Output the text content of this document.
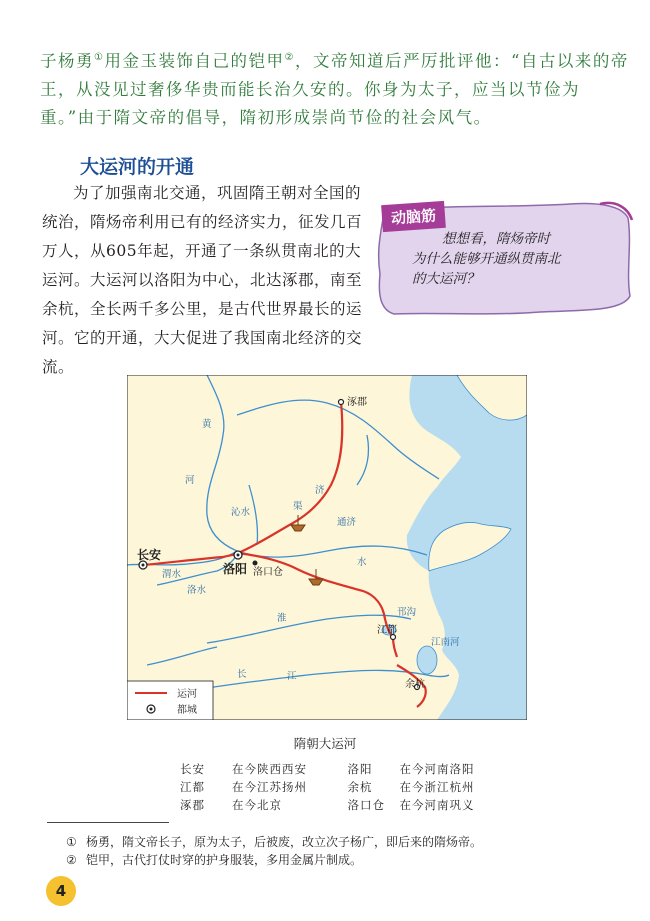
子杨勇①用金玉装饰自己的铠甲②，文帝知道后严厉批评他：“自古以来的帝王，从没见过奢侈华贵而能长治久安的。你身为太子，应当以节俭为重。”由于隋文帝的倡导，隋初形成崇尚节俭的社会风气。
大运河的开通
为了加强南北交通，巩固隋王朝对全国的统治，隋炀帝利用已有的经济实力，征发几百万人，从605年起，开通了一条纵贯南北的大运河。大运河以洛阳为中心，北达涿郡，南至余杭，全长两千多公里，是古代世界最长的运河。它的开通，大大促进了我国南北经济的交流。
动脑筋
想想看，隋炀帝时
为什么能够开通纵贯南北
的大运河？
长安
洛阳 洛口仓
涿郡
江都
余杭
黄
河
渭水
沁水
洛水
济
渠
通济
水
邗沟
淮
长	江
江南河
运河
都城
隋朝大运河
长安	在今陕西西安	洛阳	在今河南洛阳
江都	在今江苏扬州	余杭	在今浙江杭州
涿郡	在今北京	洛口仓	在今河南巩义
① 杨勇，隋文帝长子，原为太子，后被废，改立次子杨广，即后来的隋炀帝。
② 铠甲，古代打仗时穿的护身服装，多用金属片制成。
4
